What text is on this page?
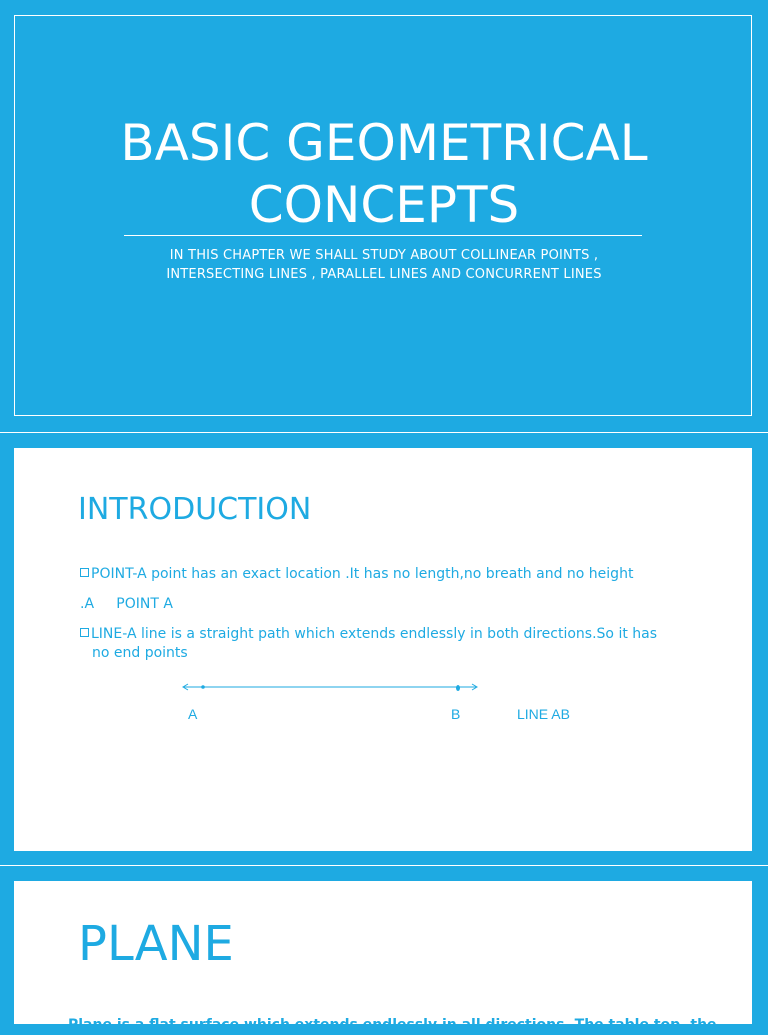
BASIC GEOMETRICAL
CONCEPTS
IN THIS CHAPTER WE SHALL STUDY ABOUT COLLINEAR POINTS ,
INTERSECTING LINES , PARALLEL LINES AND CONCURRENT LINES
INTRODUCTION
POINT-A point has an exact location .It has no length,no breath and no height
.A     POINT A
LINE-A line is a straight path which extends endlessly in both directions.So it has
no end points
A	B	LINE AB
PLANE
Plane is a flat surface which extends endlessly in all directions. The table top, the
